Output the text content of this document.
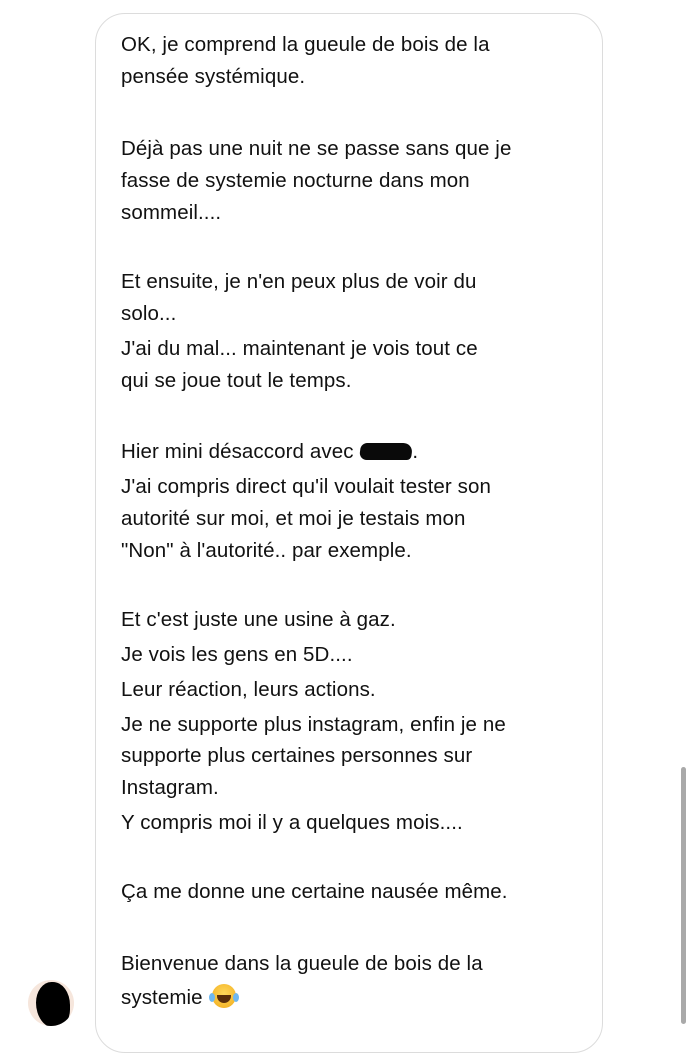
OK, je comprend la gueule de bois de la
pensée systémique.
Déjà pas une nuit ne se passe sans que je
fasse de systemie nocturne dans mon
sommeil....
Et ensuite, je n'en peux plus de voir du
solo...
J'ai du mal... maintenant je vois tout ce
qui se joue tout le temps.
Hier mini désaccord avec	.
J'ai compris direct qu'il voulait tester son
autorité sur moi, et moi je testais mon
"Non" à l'autorité.. par exemple.
Et c'est juste une usine à gaz.
Je vois les gens en 5D....
Leur réaction, leurs actions.
Je ne supporte plus instagram, enfin je ne
supporte plus certaines personnes sur
Instagram.
Y compris moi il y a quelques mois....
Ça me donne une certaine nausée même.
Bienvenue dans la gueule de bois de la
systemie
